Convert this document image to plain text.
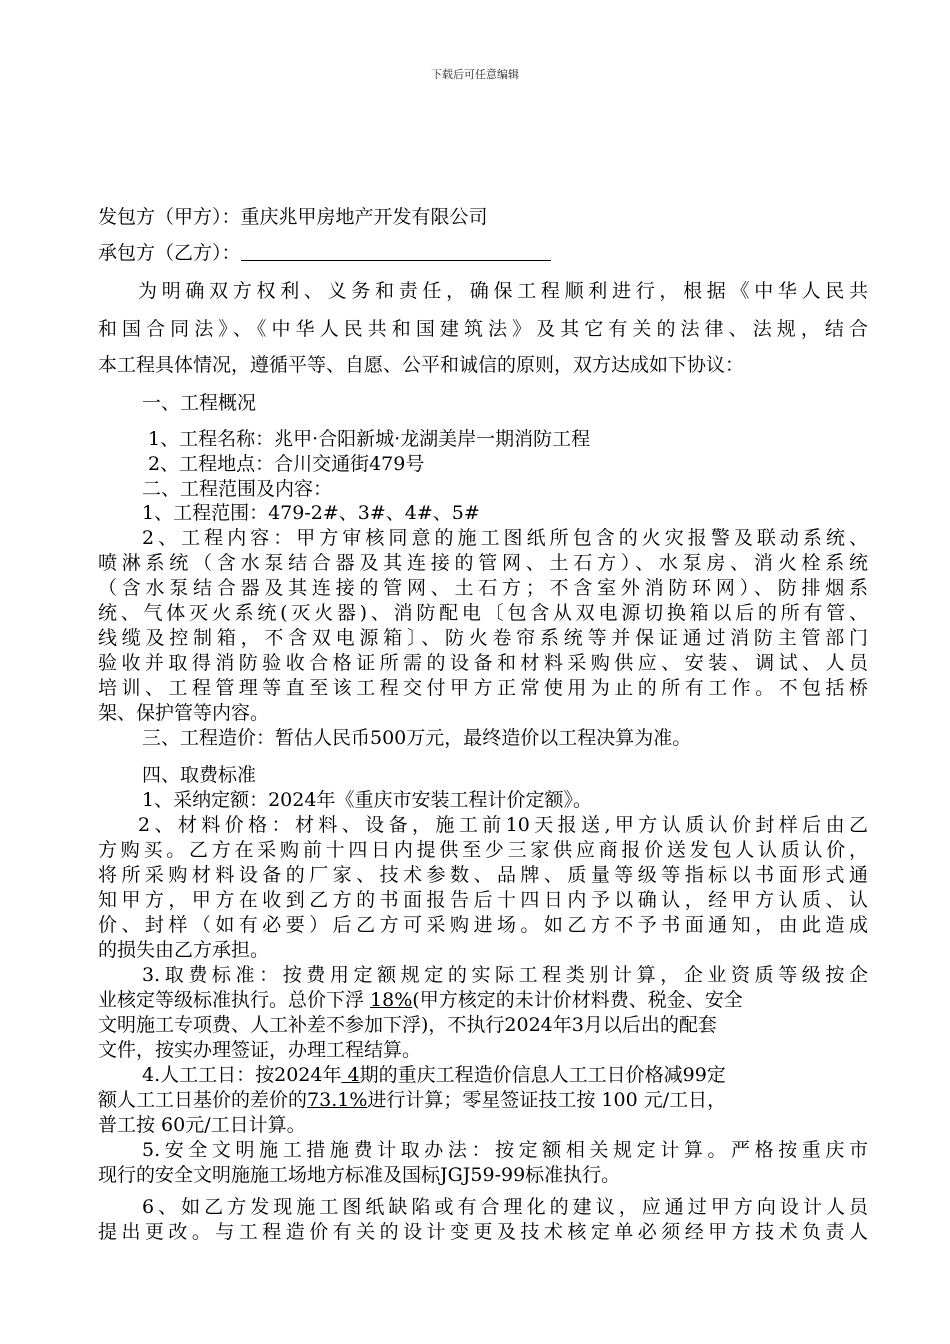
下载后可任意编辑
发包方（甲方）：重庆兆甲房地产开发有限公司
承包方（乙方）：
为明确双方权利、义务和责任，确保工程顺利进行，根据《中华人民共
和国合同法》、《中华人民共和国建筑法》及其它有关的法律、法规，结合
本工程具体情况，遵循平等、自愿、公平和诚信的原则，双方达成如下协议：
一、工程概况
1、工程名称：兆甲·合阳新城·龙湖美岸一期消防工程
2、工程地点：合川交通街479号
二、工程范围及内容：
1、工程范围：479-2#、3#、4#、5#
2、工程内容：甲方审核同意的施工图纸所包含的火灾报警及联动系统、
喷淋系统（含水泵结合器及其连接的管网、土石方）、水泵房、消火栓系统
（含水泵结合器及其连接的管网、土石方；不含室外消防环网）、防排烟系
统、气体灭火系统(灭火器)、消防配电〔包含从双电源切换箱以后的所有管、
线缆及控制箱，不含双电源箱〕、防火卷帘系统等并保证通过消防主管部门
验收并取得消防验收合格证所需的设备和材料采购供应、安装、调试、人员
培训、工程管理等直至该工程交付甲方正常使用为止的所有工作。不包括桥
架、保护管等内容。
三、工程造价：暂估人民币500万元，最终造价以工程决算为准。
四、取费标准
1、采纳定额：2024年《重庆市安装工程计价定额》。
2、材料价格：材料、设备，施工前10天报送,甲方认质认价封样后由乙
方购买。乙方在采购前十四日内提供至少三家供应商报价送发包人认质认价，
将所采购材料设备的厂家、技术参数、品牌、质量等级等指标以书面形式通
知甲方，甲方在收到乙方的书面报告后十四日内予以确认，经甲方认质、认
价、封样（如有必要）后乙方可采购进场。如乙方不予书面通知，由此造成
的损失由乙方承担。
3.取费标准：按费用定额规定的实际工程类别计算，企业资质等级按企
业核定等级标准执行。总价下浮 18%(甲方核定的未计价材料费、税金、安全
文明施工专项费、人工补差不参加下浮)，不执行2024年3月以后出的配套
文件，按实办理签证，办理工程结算。
4.人工工日：按2024年 4期的重庆工程造价信息人工工日价格减99定
额人工工日基价的差价的73.1%进行计算；零星签证技工按 100 元/工日，
普工按 60元/工日计算。
5.安全文明施工措施费计取办法：按定额相关规定计算。严格按重庆市
现行的安全文明施施工场地方标准及国标JGJ59-99标准执行。
6、如乙方发现施工图纸缺陷或有合理化的建议，应通过甲方向设计人员
提出更改。与工程造价有关的设计变更及技术核定单必须经甲方技术负责人
